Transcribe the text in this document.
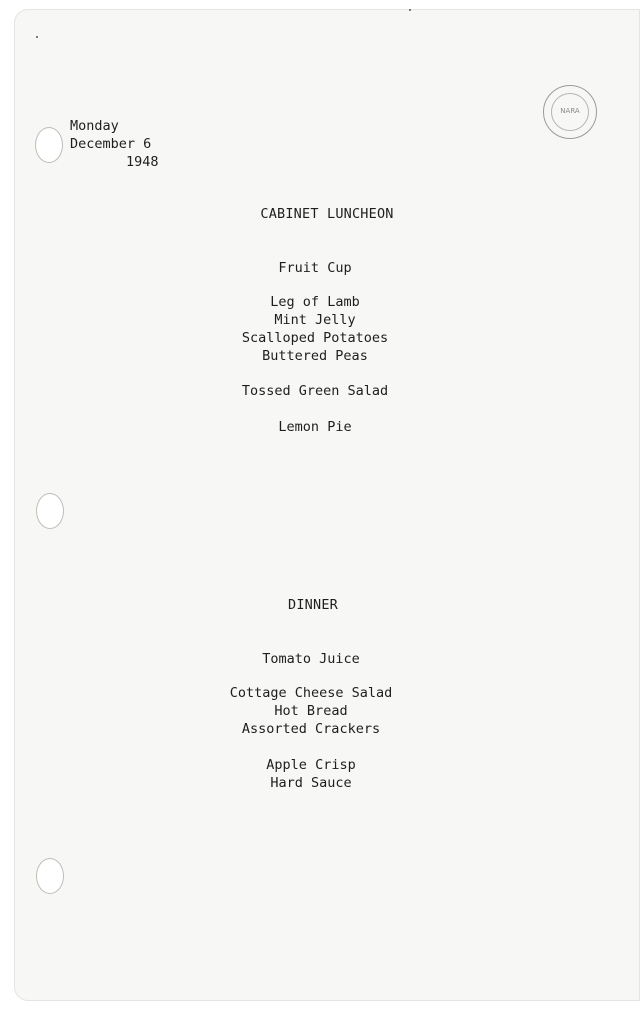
Monday
December 6
1948
NARA
CABINET LUNCHEON
Fruit Cup
Leg of Lamb
Mint Jelly
Scalloped Potatoes
Buttered Peas
Tossed Green Salad
Lemon Pie
DINNER
Tomato Juice
Cottage Cheese Salad
Hot Bread
Assorted Crackers
Apple Crisp
Hard Sauce
